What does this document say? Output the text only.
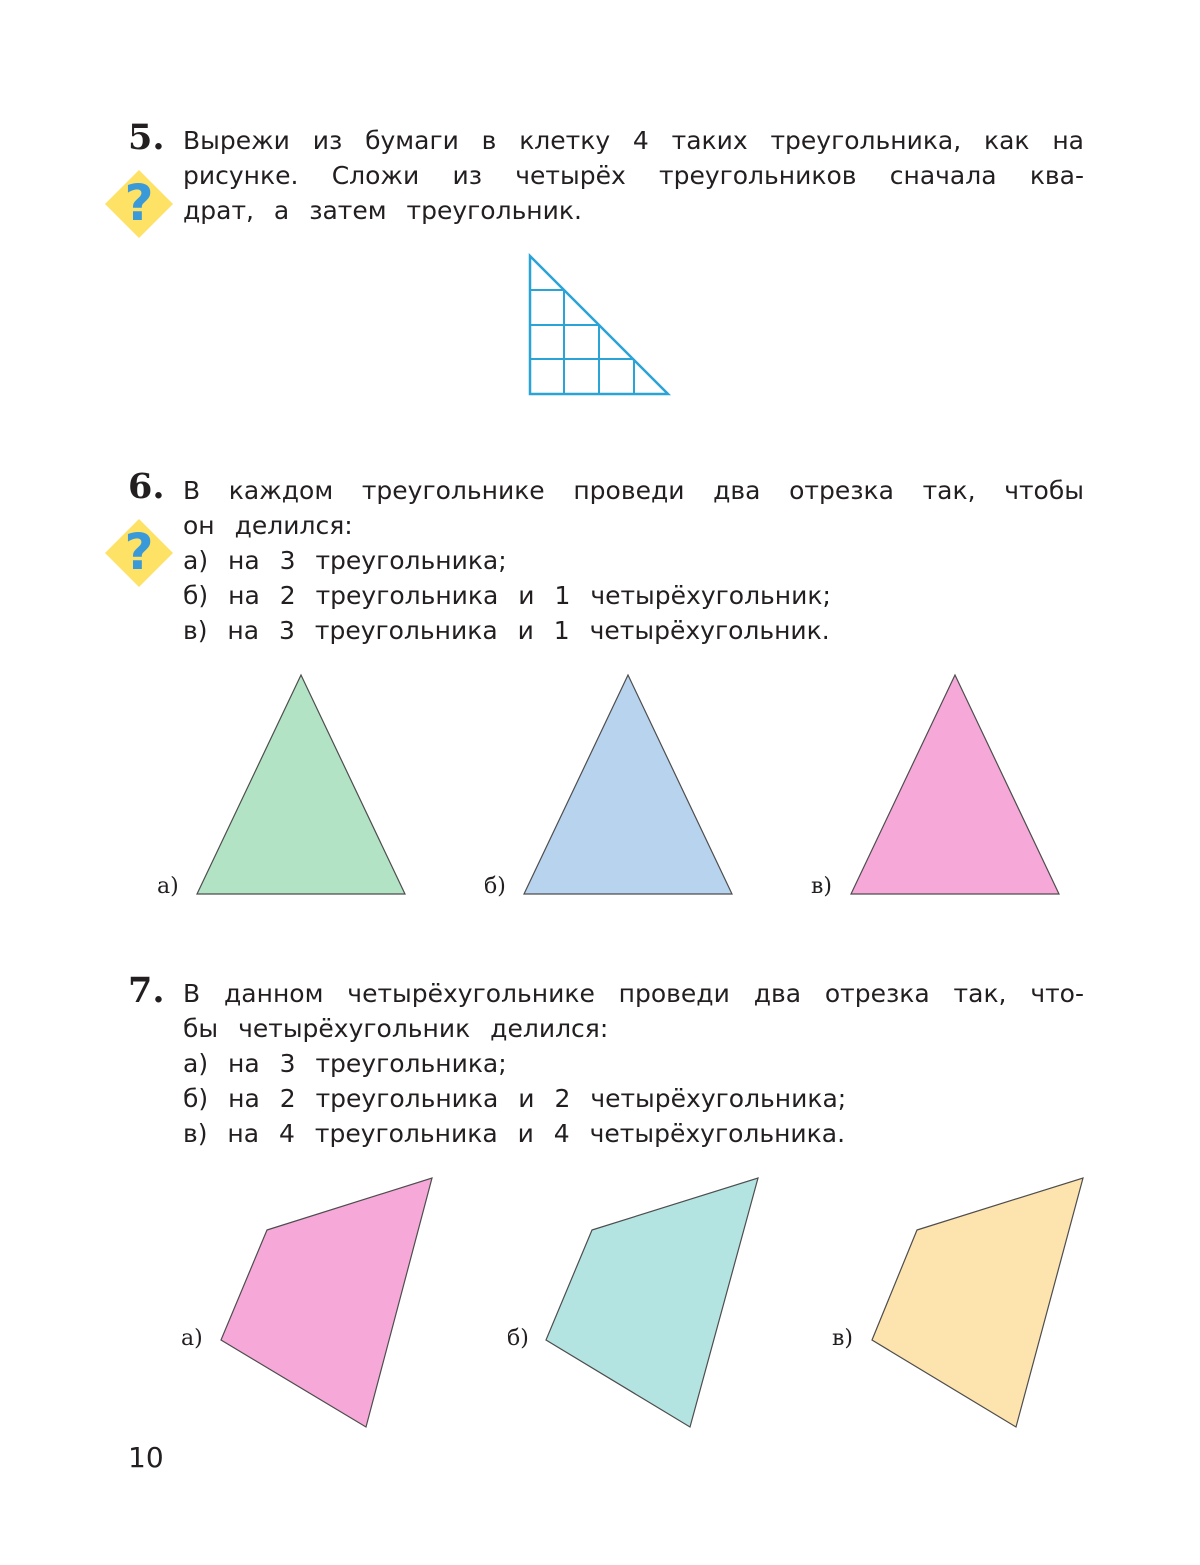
5.
?
Вырежи из бумаги в клетку 4 таких треугольника, как на
рисунке. Сложи из четырёх треугольников сначала ква-
драт, а затем треугольник.
6.
?
В каждом треугольнике проведи два отрезка так, чтобы
он делился:
а) на 3 треугольника;
б) на 2 треугольника и 1 четырёхугольник;
в) на 3 треугольника и 1 четырёхугольник.
7. В данном четырёхугольнике проведи два отрезка так, что-
бы четырёхугольник делился:
а) на 3 треугольника;
б) на 2 треугольника и 2 четырёхугольника;
в) на 4 треугольника и 4 четырёхугольника.
а)	б)	в)
а)	б)	в)
10
